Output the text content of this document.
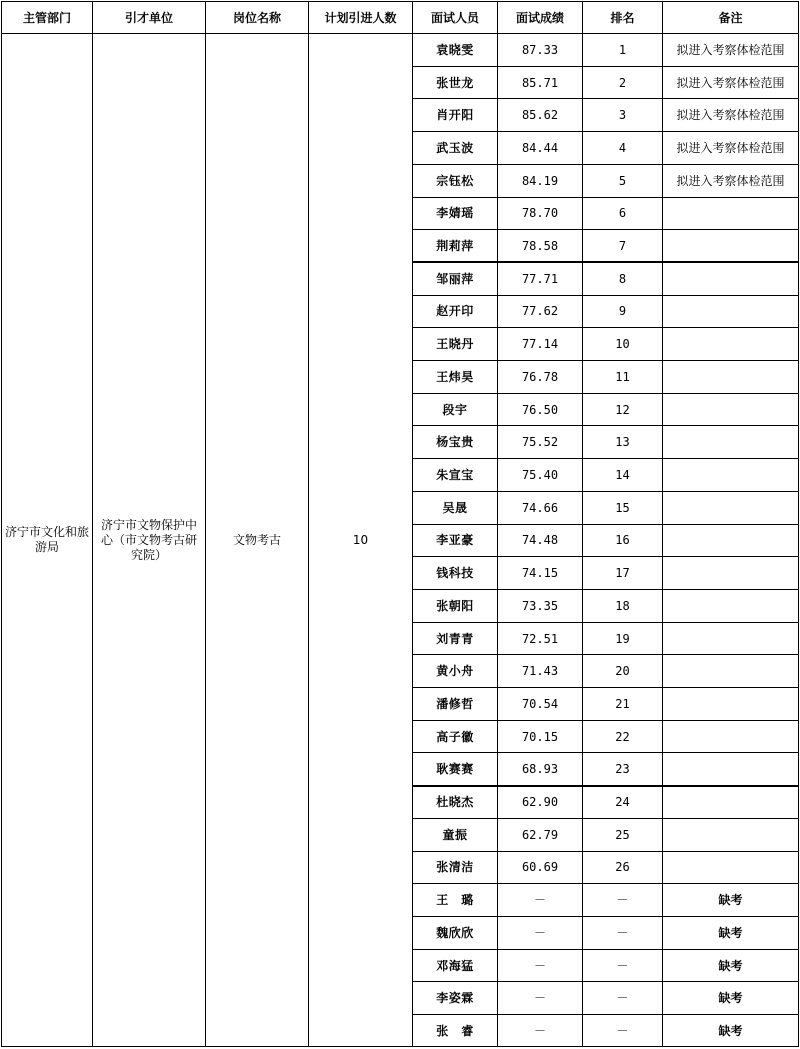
主管部门	引才单位	岗位名称	计划引进人数	面试人员	面试成绩	排名	备注
济宁市文化和旅游局	济宁市文物保护中心（市文物考古研究院）	文物考古	10	袁晓雯	87.33	1	拟进入考察体检范围
				张世龙	85.71	2	拟进入考察体检范围
				肖开阳	85.62	3	拟进入考察体检范围
				武玉波	84.44	4	拟进入考察体检范围
				宗钰松	84.19	5	拟进入考察体检范围
				李婧瑶	78.70	6	
				荆莉萍	78.58	7	
				邹丽萍	77.71	8	
				赵开印	77.62	9	
				王晓丹	77.14	10	
				王炜昊	76.78	11	
				段宇	76.50	12	
				杨宝贵	75.52	13	
				朱宣宝	75.40	14	
				吴晟	74.66	15	
				李亚豪	74.48	16	
				钱科技	74.15	17	
				张朝阳	73.35	18	
				刘青青	72.51	19	
				黄小舟	71.43	20	
				潘修哲	70.54	21	
				高子徽	70.15	22	
				耿赛赛	68.93	23	
				杜晓杰	62.90	24	
				童振	62.79	25	
				张清洁	60.69	26	
				王　璐	－	－	缺考
				魏欣欣	－	－	缺考
				邓海猛	－	－	缺考
				李姿霖	－	－	缺考
				张　睿	－	－	缺考
